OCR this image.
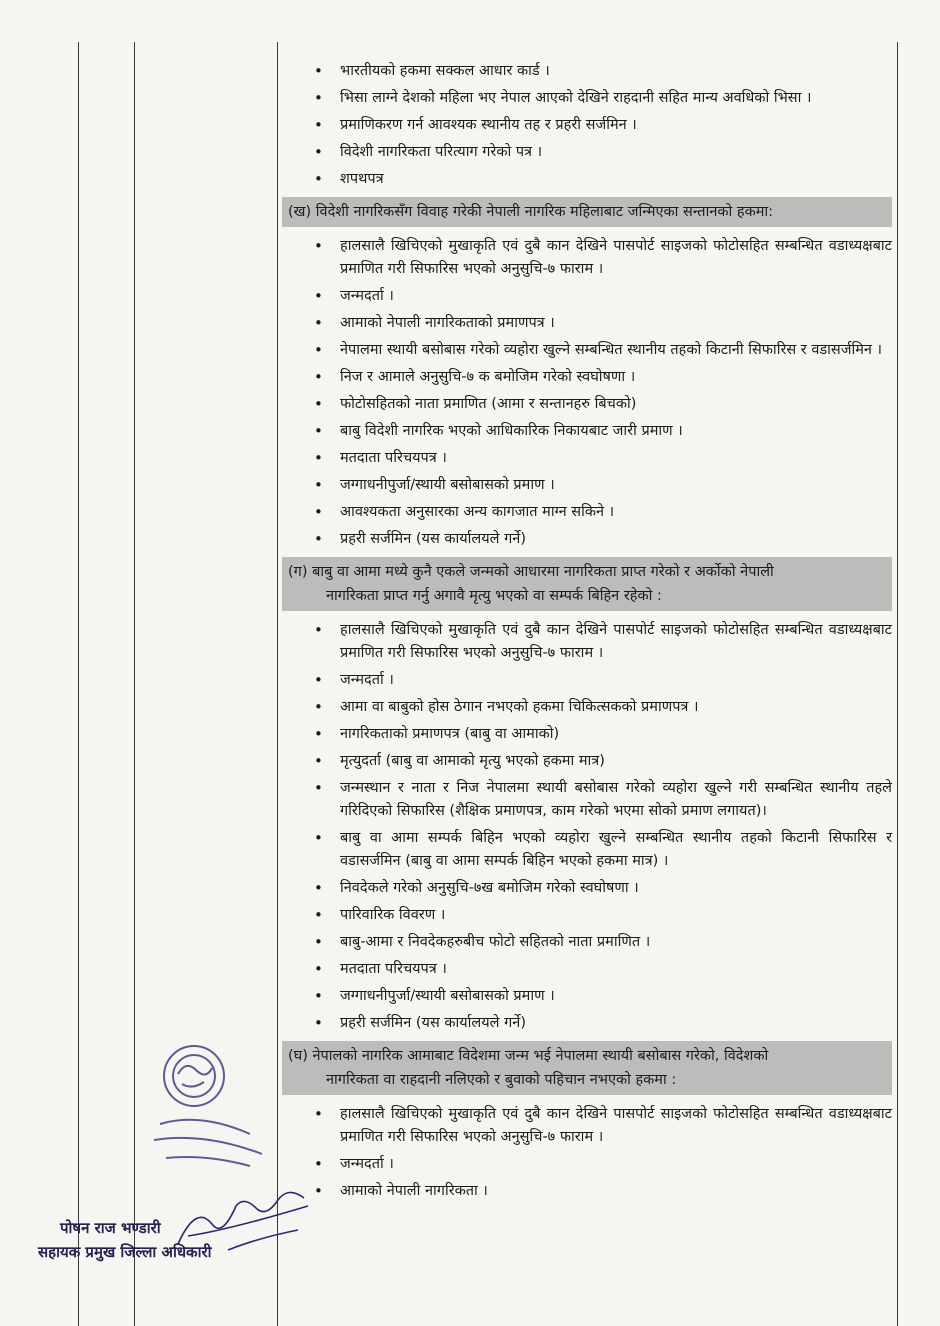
• भारतीयको हकमा सक्कल आधार कार्ड ।
• भिसा लाग्ने देशको महिला भए नेपाल आएको देखिने राहदानी सहित मान्य अवधिको भिसा ।
• प्रमाणिकरण गर्न आवश्यक स्थानीय तह र प्रहरी सर्जमिन ।
• विदेशी नागरिकता परित्याग गरेको पत्र ।
• शपथपत्र
(ख) विदेशी नागरिकसँग विवाह गरेकी नेपाली नागरिक महिलाबाट जन्मिएका सन्तानको हकमा:
• हालसालै खिचिएको मुखाकृति एवं दुबै कान देखिने पासपोर्ट साइजको फोटोसहित सम्बन्धित वडाध्यक्षबाट प्रमाणित गरी सिफारिस भएको अनुसुचि-७ फाराम ।
• जन्मदर्ता ।
• आमाको नेपाली नागरिकताको प्रमाणपत्र ।
• नेपालमा स्थायी बसोबास गरेको व्यहोरा खुल्ने सम्बन्धित स्थानीय तहको किटानी सिफारिस र वडासर्जमिन ।
• निज र आमाले अनुसुचि-७ क बमोजिम गरेको स्वघोषणा ।
• फोटोसहितको नाता प्रमाणित (आमा र सन्तानहरु बिचको)
• बाबु विदेशी नागरिक भएको आधिकारिक निकायबाट जारी प्रमाण ।
• मतदाता परिचयपत्र ।
• जग्गाधनीपुर्जा/स्थायी बसोबासको प्रमाण ।
• आवश्यकता अनुसारका अन्य कागजात माग्न सकिने ।
• प्रहरी सर्जमिन (यस कार्यालयले गर्ने)
(ग) बाबु वा आमा मध्ये कुनै एकले जन्मको आधारमा नागरिकता प्राप्त गरेको र अर्कोको नेपाली
नागरिकता प्राप्त गर्नु अगावै मृत्यु भएको वा सम्पर्क बिहिन रहेको :
• हालसालै खिचिएको मुखाकृति एवं दुबै कान देखिने पासपोर्ट साइजको फोटोसहित सम्बन्धित वडाध्यक्षबाट प्रमाणित गरी सिफारिस भएको अनुसुचि-७ फाराम ।
• जन्मदर्ता ।
• आमा वा बाबुको होस ठेगान नभएको हकमा चिकित्सकको प्रमाणपत्र ।
• नागरिकताको प्रमाणपत्र (बाबु वा आमाको)
• मृत्युदर्ता (बाबु वा आमाको मृत्यु भएको हकमा मात्र)
• जन्मस्थान र नाता र निज नेपालमा स्थायी बसोबास गरेको व्यहोरा खुल्ने गरी सम्बन्धित स्थानीय तहले गरिदिएको सिफारिस (शैक्षिक प्रमाणपत्र, काम गरेको भएमा सोको प्रमाण लगायत)।
• बाबु वा आमा सम्पर्क बिहिन भएको व्यहोरा खुल्ने सम्बन्धित स्थानीय तहको किटानी सिफारिस र वडासर्जमिन (बाबु वा आमा सम्पर्क बिहिन भएको हकमा मात्र) ।
• निवदेकले गरेको अनुसुचि-७ख बमोजिम गरेको स्वघोषणा ।
• पारिवारिक विवरण ।
• बाबु-आमा र निवदेकहरुबीच फोटो सहितको नाता प्रमाणित ।
• मतदाता परिचयपत्र ।
• जग्गाधनीपुर्जा/स्थायी बसोबासको प्रमाण ।
• प्रहरी सर्जमिन (यस कार्यालयले गर्ने)
(घ) नेपालको नागरिक आमाबाट विदेशमा जन्म भई नेपालमा स्थायी बसोबास गरेको, विदेशको
नागरिकता वा राहदानी नलिएको र बुवाको पहिचान नभएको हकमा :
• हालसालै खिचिएको मुखाकृति एवं दुबै कान देखिने पासपोर्ट साइजको फोटोसहित सम्बन्धित वडाध्यक्षबाट प्रमाणित गरी सिफारिस भएको अनुसुचि-७ फाराम ।
• जन्मदर्ता ।
• आमाको नेपाली नागरिकता ।
पोषन राज भण्डारी
सहायक प्रमुख जिल्ला अधिकारी
